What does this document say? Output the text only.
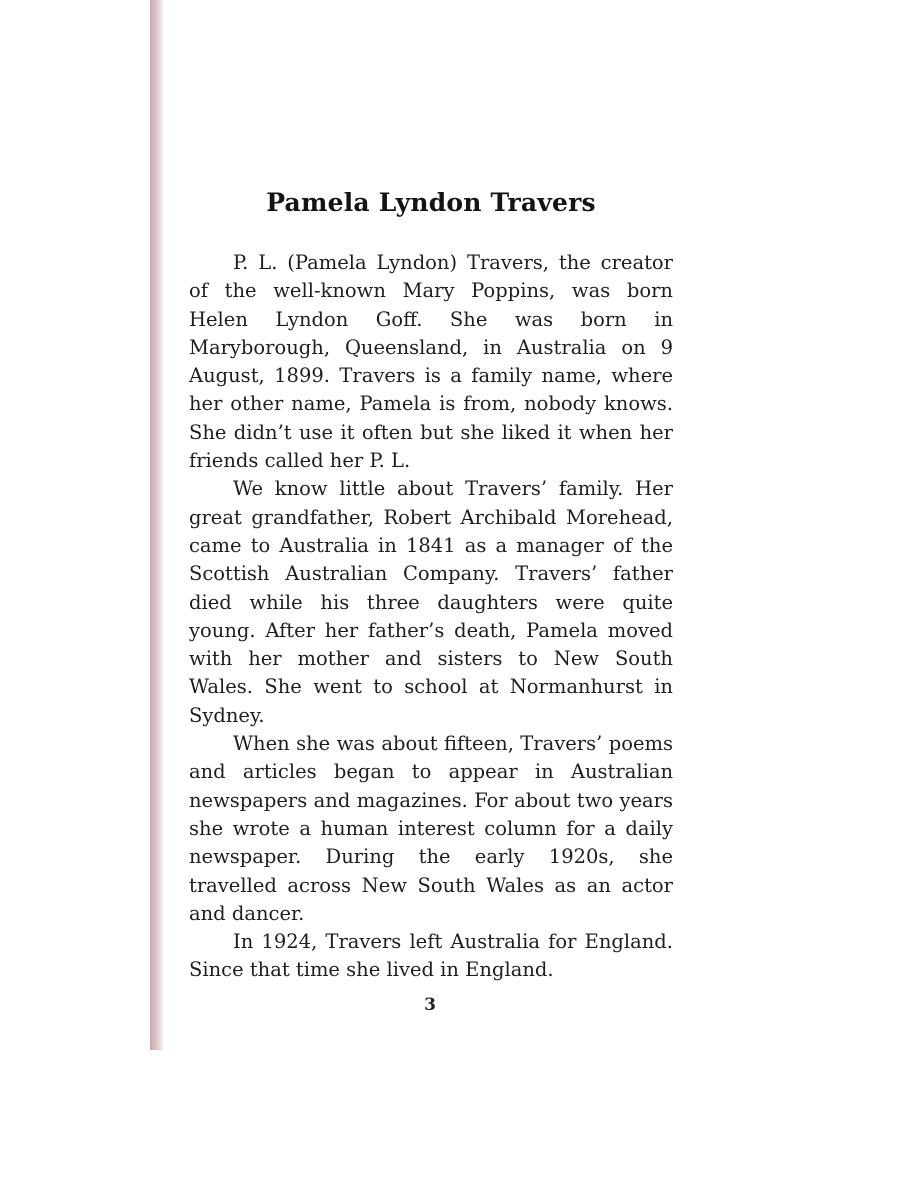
Pamela Lyndon Travers

P. L. (Pamela Lyndon) Travers, the creator of the well-known Mary Poppins, was born Helen Lyndon Goff. She was born in Maryborough, Queensland, in Australia on 9 August, 1899. Travers is a family name, where her other name, Pamela is from, nobody knows. She didn’t use it often but she liked it when her friends called her P. L.

We know little about Travers’ family. Her great grandfather, Robert Archibald Morehead, came to Australia in 1841 as a manager of the Scottish Australian Company. Travers’ father died while his three daughters were quite young. After her father’s death, Pamela moved with her mother and sisters to New South Wales. She went to school at Normanhurst in Sydney.

When she was about fifteen, Travers’ poems and articles began to appear in Australian newspapers and magazines. For about two years she wrote a human interest column for a daily newspaper. During the early 1920s, she travelled across New South Wales as an actor and dancer.

In 1924, Travers left Australia for England. Since that time she lived in England.

3
